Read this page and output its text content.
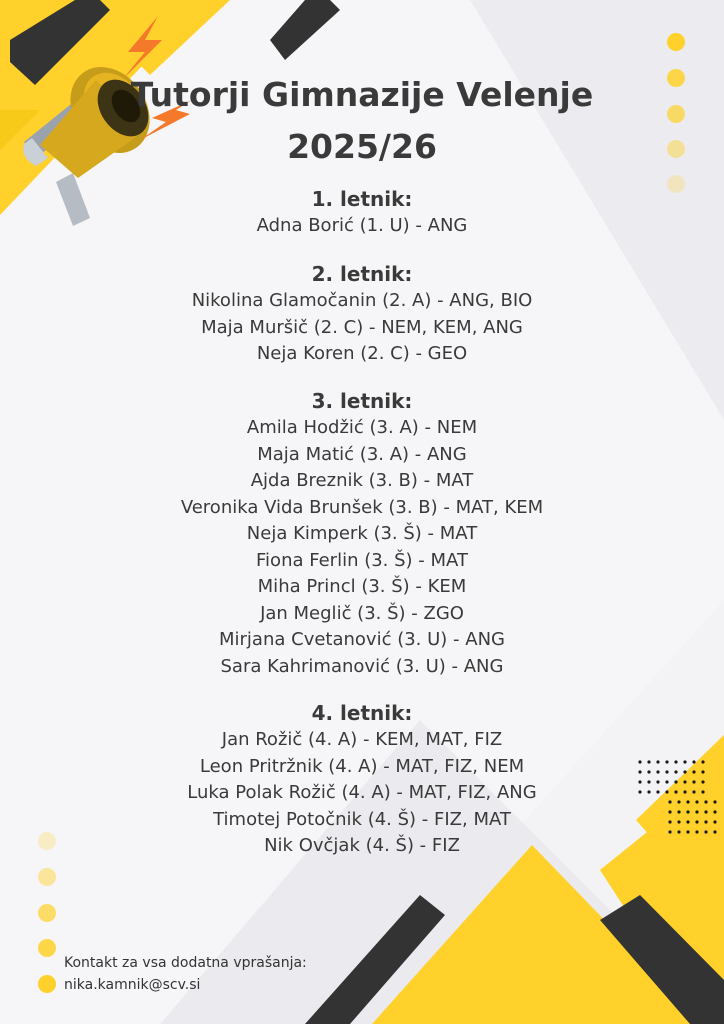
Tutorji Gimnazije Velenje
2025/26
1. letnik:
Adna Borić (1. U) - ANG
2. letnik:
Nikolina Glamočanin (2. A) - ANG, BIO
Maja Muršič (2. C) - NEM, KEM, ANG
Neja Koren (2. C) - GEO
3. letnik:
Amila Hodžić (3. A) - NEM
Maja Matić (3. A) - ANG
Ajda Breznik (3. B) - MAT
Veronika Vida Brunšek (3. B) - MAT, KEM
Neja Kimperk (3. Š) - MAT
Fiona Ferlin (3. Š) - MAT
Miha Princl (3. Š) - KEM
Jan Meglič (3. Š) - ZGO
Mirjana Cvetanović (3. U) - ANG
Sara Kahrimanović (3. U) - ANG
4. letnik:
Jan Rožič (4. A) - KEM, MAT, FIZ
Leon Pritržnik (4. A) - MAT, FIZ, NEM
Luka Polak Rožič (4. A) - MAT, FIZ, ANG
Timotej Potočnik (4. Š) - FIZ, MAT
Nik Ovčjak (4. Š) - FIZ
Kontakt za vsa dodatna vprašanja:
nika.kamnik@scv.si
